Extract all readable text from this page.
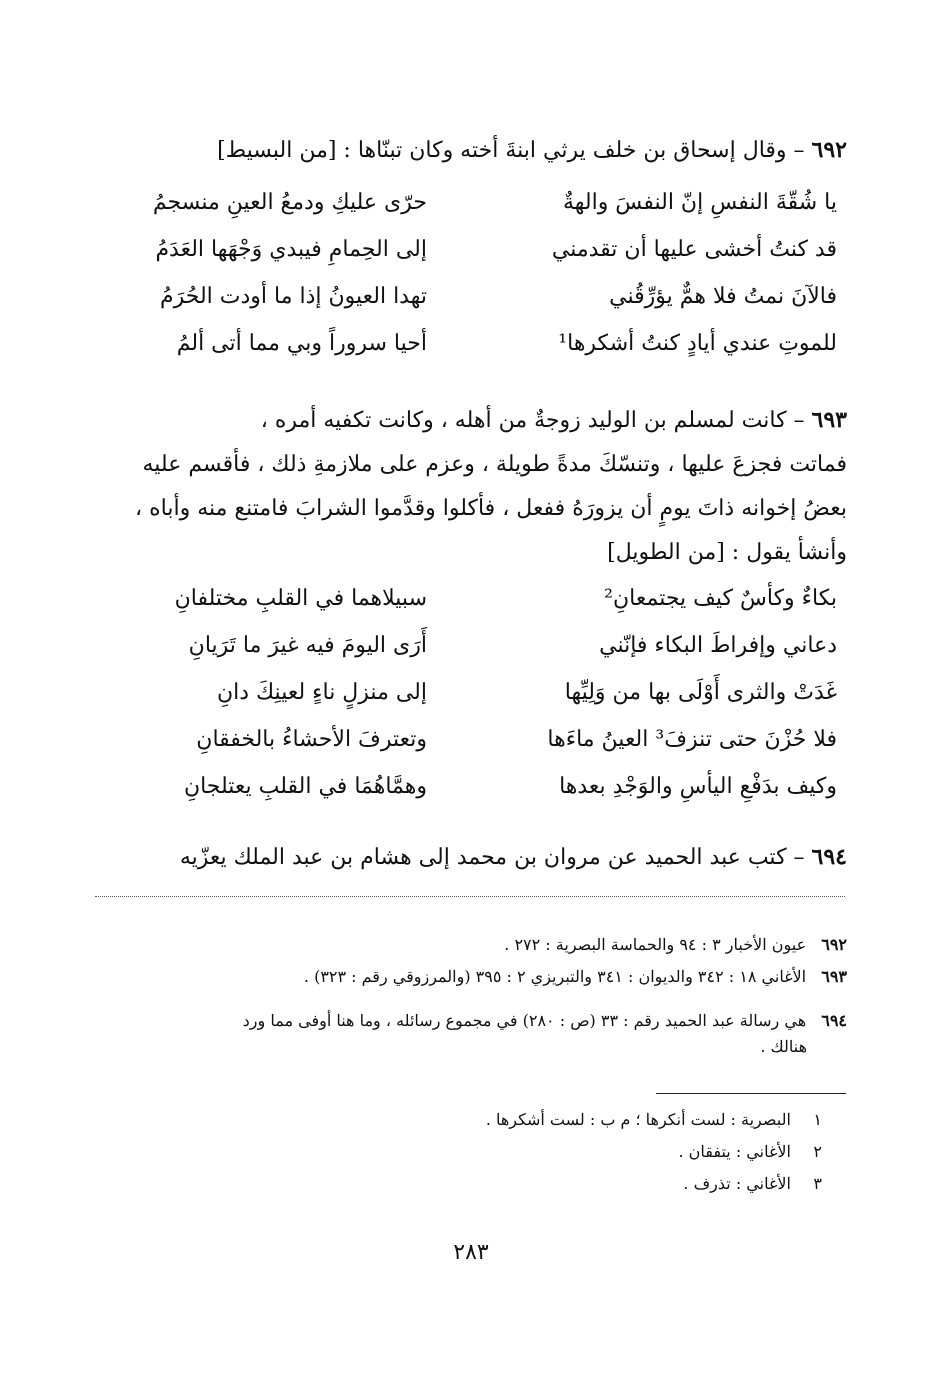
٦٩٢ – وقال إسحاق بن خلف يرثي ابنةَ أخته وكان تبنّاها : [من البسيط]
يا شُقّةَ النفسِ إنّ النفسَ والهةٌ
حرّى عليكِ ودمعُ العينِ منسجمُ
قد كنتُ أخشى عليها أن تقدمني
إلى الحِمامِ فيبدي وَجْهَها العَدَمُ
فالآنَ نمتُ فلا همٌّ يؤرِّقُني
تهدا العيونُ إذا ما أودت الحُرَمُ
للموتِ عندي أيادٍ كنتُ أشكرها¹
أحيا سروراً وبي مما أتى ألمُ
٦٩٣ – كانت لمسلم بن الوليد زوجةٌ من أهله ، وكانت تكفيه أمره ،
فماتت فجزعَ عليها ، وتنسّكَ مدةً طويلة ، وعزم على ملازمةِ ذلك ، فأقسم عليه
بعضُ إخوانه ذاتَ يومٍ أن يزورَهُ ففعل ، فأكلوا وقدَّموا الشرابَ فامتنع منه وأباه ،
وأنشأ يقول : [من الطويل]
بكاءٌ وكأسٌ كيف يجتمعانِ²
سبيلاهما في القلبِ مختلفانِ
دعاني وإفراطَ البكاء فإنّني
أَرَى اليومَ فيه غيرَ ما تَرَيانِ
غَدَتْ والثرى أَوْلَى بها من وَلِيِّها
إلى منزلٍ ناءٍ لعينِكَ دانِ
فلا حُزْنَ حتى تنزفَ³ العينُ ماءَها
وتعترفَ الأحشاءُ بالخفقانِ
وكيف بدَفْعِ اليأسِ والوَجْدِ بعدها
وهمَّاهُمَا في القلبِ يعتلجانِ
٦٩٤ – كتب عبد الحميد عن مروان بن محمد إلى هشام بن عبد الملك يعزّيه
٦٩٢ عيون الأخبار ٣ : ٩٤ والحماسة البصرية : ٢٧٢ .
٦٩٣ الأغاني ١٨ : ٣٤٢ والديوان : ٣٤١ والتبريزي ٢ : ٣٩٥ (والمرزوقي رقم : ٣٢٣) .
٦٩٤ هي رسالة عبد الحميد رقم : ٣٣ (ص : ٢٨٠) في مجموع رسائله ، وما هنا أوفى مما ورد
هنالك .
١ البصرية : لست أنكرها ؛ م ب : لست أشكرها .
٢ الأغاني : يتفقان .
٣ الأغاني : تذرف .
٢٨٣
